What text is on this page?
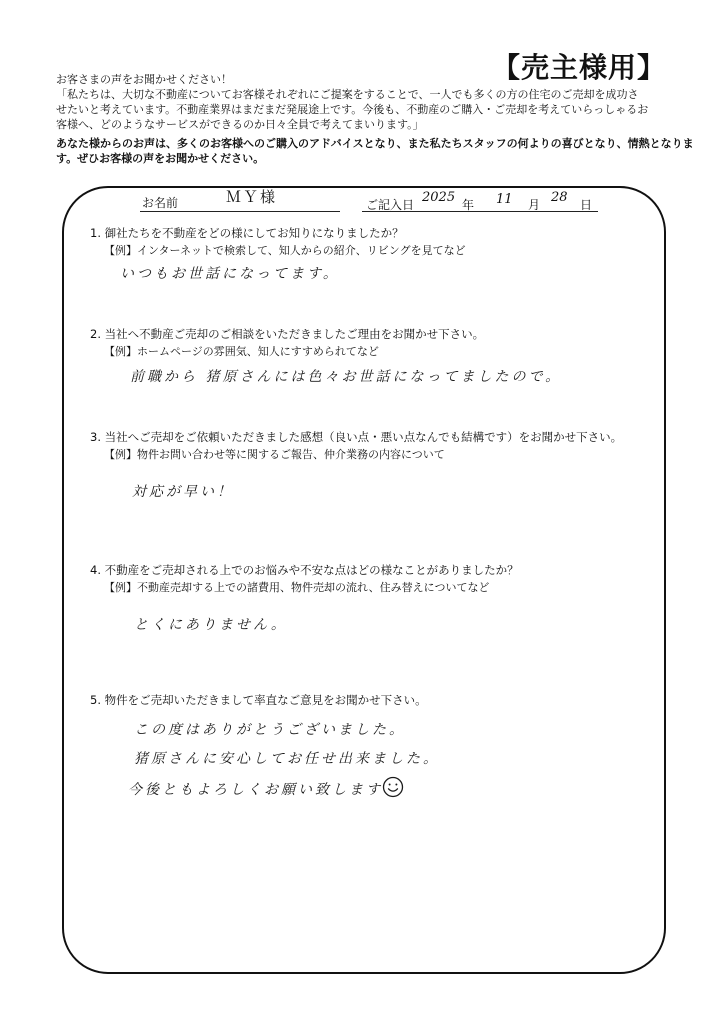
【売主様用】
お客さまの声をお聞かせください！
「私たちは、大切な不動産についてお客様それぞれにご提案をすることで、一人でも多くの方の住宅のご売却を成功さ
せたいと考えています。不動産業界はまだまだ発展途上です。今後も、不動産のご購入・ご売却を考えていらっしゃるお
客様へ、どのようなサービスができるのか日々全員で考えてまいります。」
あなた様からのお声は、多くのお客様へのご購入のアドバイスとなり、また私たちスタッフの何よりの喜びとなり、情熱となりま
す。ぜひお客様の声をお聞かせください。
お名前	ＭＹ様	ご記入日 2025 年 11 月 28 日
1. 御社たちを不動産をどの様にしてお知りになりましたか？
【例】インターネットで検索して、知人からの紹介、リビングを見てなど
いつもお世話になってます。
2. 当社へ不動産ご売却のご相談をいただきましたご理由をお聞かせ下さい。
【例】ホームページの雰囲気、知人にすすめられてなど
前職から 猪原さんには色々お世話になってましたので。
3. 当社へご売却をご依頼いただきました感想（良い点・悪い点なんでも結構です）をお聞かせ下さい。
【例】物件お問い合わせ等に関するご報告、仲介業務の内容について
対応が早い！
4. 不動産をご売却される上でのお悩みや不安な点はどの様なことがありましたか？
【例】不動産売却する上での諸費用、物件売却の流れ、住み替えについてなど
とくにありません。
5. 物件をご売却いただきまして率直なご意見をお聞かせ下さい。
この度はありがとうございました。
猪原さんに安心してお任せ出来ました。
今後ともよろしくお願い致します
